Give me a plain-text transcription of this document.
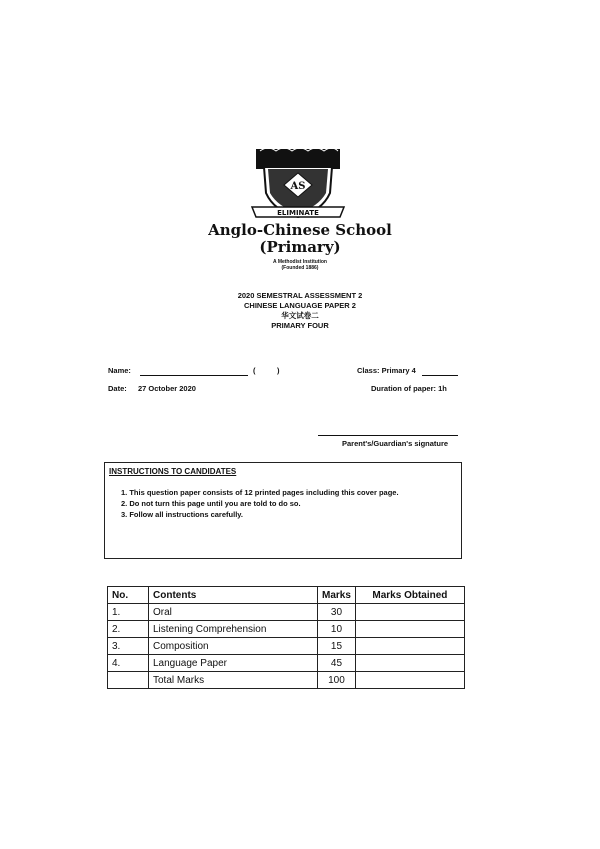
AS
ELIMINATE
Anglo-Chinese School
(Primary)
A Methodist Institution
(Founded 1886)
2020 SEMESTRAL ASSESSMENT 2
CHINESE LANGUAGE PAPER 2
华文试卷二
PRIMARY FOUR
Name:	(	)	Class: Primary 4
Date: 27 October 2020	Duration of paper: 1h
Parent's/Guardian's signature
INSTRUCTIONS TO CANDIDATES
1. This question paper consists of 12 printed pages including this cover page.
2. Do not turn this page until you are told to do so.
3. Follow all instructions carefully.
No.	Contents	Marks	Marks Obtained
1.	Oral	30	
2.	Listening Comprehension	10	
3.	Composition	15	
4.	Language Paper	45	
	Total Marks	100	
